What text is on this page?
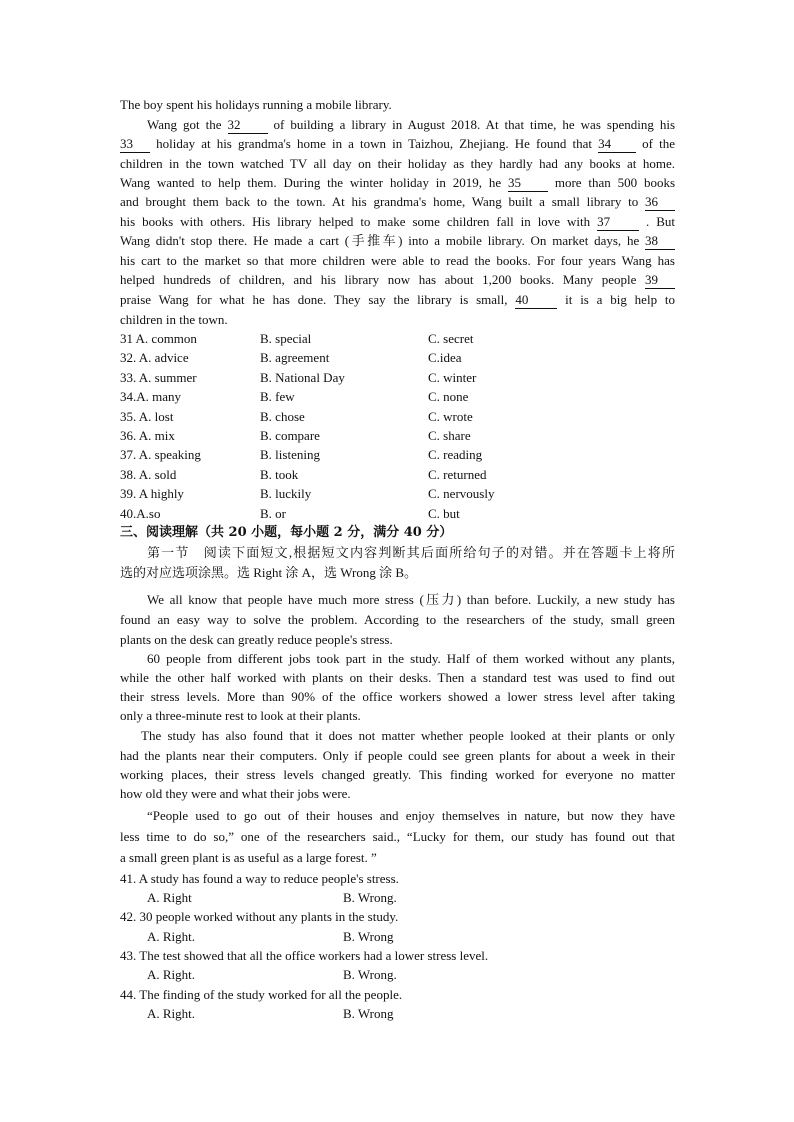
The boy spent his holidays running a mobile library.
Wang got the 32	of building a library in August 2018. At that time, he was spending his
33 holiday at his grandma's home in a town in Taizhou, Zhejiang. He found that 34 of the
children in the town watched TV all day on their holiday as they hardly had any books at home.
Wang wanted to help them. During the winter holiday in 2019, he 35	more than 500 books
and brought them back to the town. At his grandma's home, Wang built a small library to 36
his books with others. His library helped to make some children fall in love with 37	. But
Wang didn't stop there. He made a cart (手推车) into a mobile library. On market days, he 38
his cart to the market so that more children were able to read the books. For four years Wang has
helped hundreds of children, and his library now has about 1,200 books. Many people 39
praise Wang for what he has done. They say the library is small, 40	it is a big help to
children in the town.
31 A. common	B. special	C. secret
32. A. advice	B. agreement	C.idea
33. A. summer	B. National Day	C. winter
34.A. many	B. few	C. none
35. A. lost	B. chose	C. wrote
36. A. mix	B. compare	C. share
37. A. speaking	B. listening	C. reading
38. A. sold	B. took	C. returned
39. A highly	B. luckily	C. nervously
40.A.so	B. or	C. but
三、阅读理解（共 20 小题，每小题 2 分，满分 40 分）
第一节　阅读下面短文,根据短文内容判断其后面所给句子的对错。并在答题卡上将所
选的对应选项涂黑。选 Right 涂 A，选 Wrong 涂 B。
We all know that people have much more stress (压力) than before. Luckily, a new study has
found an easy way to solve the problem. According to the researchers of the study, small green
plants on the desk can greatly reduce people's stress.
60 people from different jobs took part in the study. Half of them worked without any plants,
while the other half worked with plants on their desks. Then a standard test was used to find out
their stress levels. More than 90% of the office workers showed a lower stress level after taking
only a three-minute rest to look at their plants.
The study has also found that it does not matter whether people looked at their plants or only
had the plants near their computers. Only if people could see green plants for about a week in their
working places, their stress levels changed greatly. This finding worked for everyone no matter
how old they were and what their jobs were.
“People used to go out of their houses and enjoy themselves in nature, but now they have
less time to do so,” one of the researchers said., “Lucky for them, our study has found out that
a small green plant is as useful as a large forest. ”
41. A study has found a way to reduce people's stress.
A. Right	B. Wrong.
42. 30 people worked without any plants in the study.
A. Right.	B. Wrong
43. The test showed that all the office workers had a lower stress level.
A. Right.	B. Wrong.
44. The finding of the study worked for all the people.
A. Right.	B. Wrong
